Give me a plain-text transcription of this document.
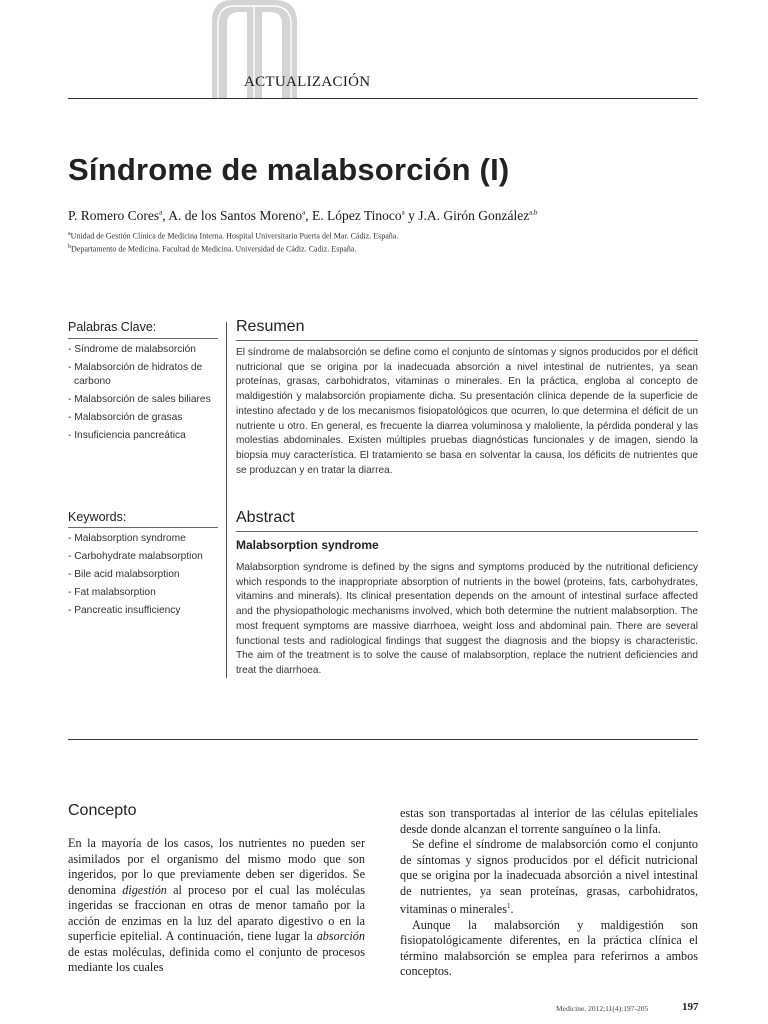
ACTUALIZACIÓN
Síndrome de malabsorción (I)
P. Romero Cores$^a$, A. de los Santos Moreno$^a$, E. López Tinoco$^a$ y J.A. Girón González$^{a,b}$
$^a$Unidad de Gestión Clínica de Medicina Interna. Hospital Universitario Puerta del Mar. Cádiz. España.
$^b$Departamento de Medicina. Facultad de Medicina. Universidad de Cádiz. Cadiz. España.
Palabras Clave:
- Síndrome de malabsorción
- Malabsorción de hidratos de carbono
- Malabsorción de sales biliares
- Malabsorción de grasas
- Insuficiencia pancreática
Keywords:
- Malabsorption syndrome
- Carbohydrate malabsorption
- Bile acid malabsorption
- Fat malabsorption
- Pancreatic insufficiency
Resumen
El síndrome de malabsorción se define como el conjunto de síntomas y signos producidos por el déficit nutricional que se origina por la inadecuada absorción a nivel intestinal de nutrientes, ya sean proteínas, grasas, carbohidratos, vitaminas o minerales. En la práctica, engloba al concepto de maldigestión y malabsorción propiamente dicha. Su presentación clínica depende de la superficie de intestino afectado y de los mecanismos fisiopatológicos que ocurren, lo que determina el déficit de un nutriente u otro. En general, es frecuente la diarrea voluminosa y maloliente, la pérdida ponderal y las molestias abdominales. Existen múltiples pruebas diagnósticas funcionales y de imagen, siendo la biopsia muy característica. El tratamiento se basa en solventar la causa, los déficits de nutrientes que se produzcan y en tratar la diarrea.
Abstract
Malabsorption syndrome
Malabsorption syndrome is defined by the signs and symptoms produced by the nutritional deficiency which responds to the inappropriate absorption of nutrients in the bowel (proteins, fats, carbohydrates, vitamins and minerals). Its clinical presentation depends on the amount of intestinal surface affected and the physiopathologic mechanisms involved, which both determine the nutrient malabsorption. The most frequent symptoms are massive diarrhoea, weight loss and abdominal pain. There are several functional tests and radiological findings that suggest the diagnosis and the biopsy is characteristic. The aim of the treatment is to solve the cause of malabsorption, replace the nutrient deficiencies and treat the diarrhoea.
Concepto

En la mayoría de los casos, los nutrientes no pueden ser asimilados por el organismo del mismo modo que son ingeridos, por lo que previamente deben ser digeridos. Se denomina digestión al proceso por el cual las moléculas ingeridas se fraccionan en otras de menor tamaño por la acción de enzimas en la luz del aparato digestivo o en la superficie epitelial. A continuación, tiene lugar la absorción de estas moléculas, definida como el conjunto de procesos mediante los cuales

estas son transportadas al interior de las células epiteliales desde donde alcanzan el torrente sanguíneo o la linfa.

Se define el síndrome de malabsorción como el conjunto de síntomas y signos producidos por el déficit nutricional que se origina por la inadecuada absorción a nivel intestinal de nutrientes, ya sean proteínas, grasas, carbohidratos, vitaminas o minerales$^1$.

Aunque la malabsorción y maldigestión son fisiopatológicamente diferentes, en la práctica clínica el término malabsorción se emplea para referirnos a ambos conceptos.

Medicine. 2012;11(4):197-205	197
